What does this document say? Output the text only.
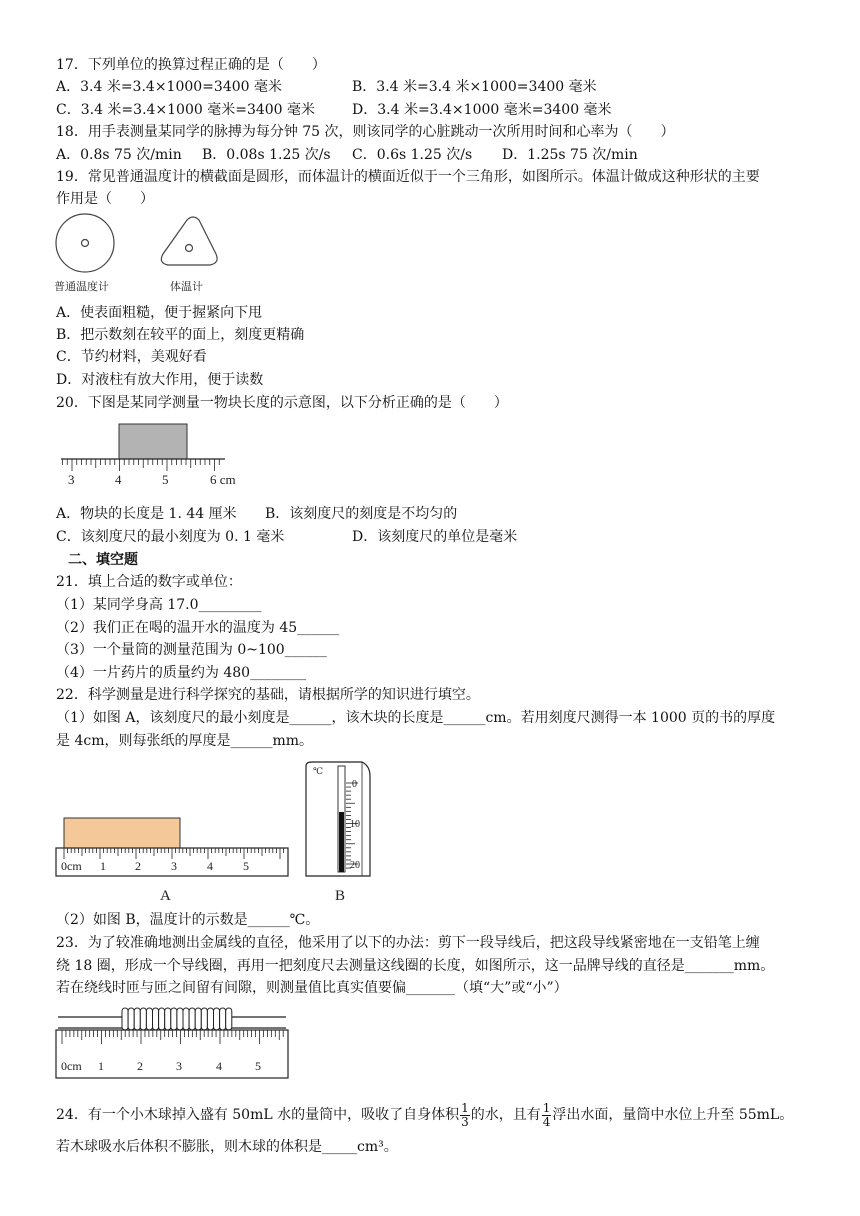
17．下列单位的换算过程正确的是（　　）
A．3.4 米=3.4×1000=3400 毫米	B．3.4 米=3.4 米×1000=3400 毫米
C．3.4 米=3.4×1000 毫米=3400 毫米	D．3.4 米=3.4×1000 毫米=3400 毫米
18．用手表测量某同学的脉搏为每分钟 75 次，则该同学的心脏跳动一次所用时间和心率为（　　）
A．0.8s 75 次/min B．0.08s 1.25 次/s C．0.6s 1.25 次/s D．1.25s 75 次/min
19．常见普通温度计的横截面是圆形，而体温计的横面近似于一个三角形，如图所示。体温计做成这种形状的主要
作用是（　　）
普通温度计	体温计
A．使表面粗糙，便于握紧向下甩
B．把示数刻在较平的面上，刻度更精确
C．节约材料，美观好看
D．对液柱有放大作用，便于读数
20．下图是某同学测量一物块长度的示意图，以下分析正确的是（　　）
3	4	5	6 cm
A．物块的长度是 1. 44 厘米 B．该刻度尺的刻度是不均匀的
C．该刻度尺的最小刻度为 0. 1 毫米	D．该刻度尺的单位是毫米
二、填空题
21．填上合适的数字或单位：
（1）某同学身高 17.0_________
（2）我们正在喝的温开水的温度为 45______
（3）一个量筒的测量范围为 0~100______
（4）一片药片的质量约为 480________
22．科学测量是进行科学探究的基础，请根据所学的知识进行填空。
（1）如图 A，该刻度尺的最小刻度是______，该木块的长度是______cm。若用刻度尺测得一本 1000 页的书的厚度
是 4cm，则每张纸的厚度是______mm。
0cm 1 2	3	4	5
A
℃
0
10
20
B
（2）如图 B，温度计的示数是______℃。
23．为了较准确地测出金属线的直径，他采用了以下的办法：剪下一段导线后，把这段导线紧密地在一支铅笔上缠
绕 18 圈，形成一个导线圈，再用一把刻度尺去测量这线圈的长度，如图所示，这一品牌导线的直径是_______mm。
若在绕线时匝与匝之间留有间隙，则测量值比真实值要偏_______（填“大”或“小”）
0cm 1	2	3	4	5
24．有一个小木球掉入盛有 50mL 水的量筒中，吸收了自身体积 $\frac{1}{3}$ 的水，且有 $\frac{1}{4}$ 浮出水面，量筒中水位上升至 55mL。
若木球吸水后体积不膨胀，则木球的体积是_____cm³。
